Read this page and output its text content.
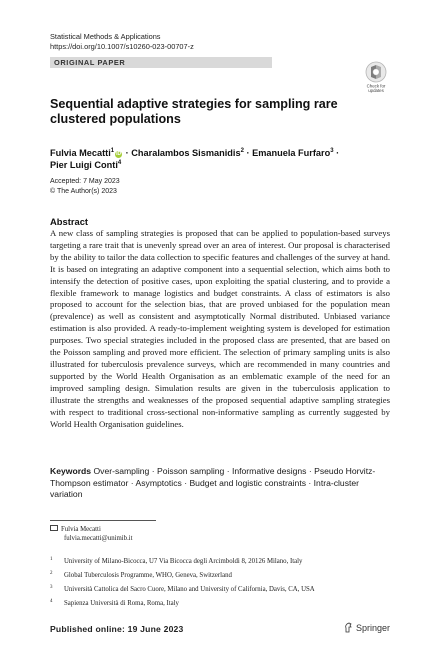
Statistical Methods & Applications
https://doi.org/10.1007/s10260-023-00707-z
ORIGINAL PAPER
Check for
updates
Sequential adaptive strategies for sampling rare clustered populations
Fulvia Mecatti$^1$iD · Charalambos Sismanidis$^2$ · Emanuela Furfaro$^3$ ·
Pier Luigi Conti$^4$
Accepted: 7 May 2023
© The Author(s) 2023
Abstract
A new class of sampling strategies is proposed that can be applied to population-based surveys targeting a rare trait that is unevenly spread over an area of interest. Our proposal is characterised by the ability to tailor the data collection to specific features and challenges of the survey at hand. It is based on integrating an adaptive component into a sequential selection, which aims both to intensify the detection of positive cases, upon exploiting the spatial clustering, and to provide a flexible framework to manage logistics and budget constraints. A class of estimators is also proposed to account for the selection bias, that are proved unbiased for the population mean (prevalence) as well as consistent and asymptotically Normal distributed. Unbiased variance estimation is also provided. A ready-to-implement weighting system is developed for estimation purposes. Two special strategies included in the proposed class are presented, that are based on the Poisson sampling and proved more efficient. The selection of primary sampling units is also illustrated for tuberculosis prevalence surveys, which are recommended in many countries and supported by the World Health Organisation as an emblematic example of the need for an improved sampling design. Simulation results are given in the tuberculosis application to illustrate the strengths and weaknesses of the proposed sequential adaptive sampling strategies with respect to traditional cross-sectional non-informative sampling as currently suggested by World Health Organisation guidelines.
Keywords Over-sampling · Poisson sampling · Informative designs · Pseudo Horvitz-Thompson estimator · Asymptotics · Budget and logistic constraints · Intra-cluster variation
Fulvia Mecatti
fulvia.mecatti@unimib.it
1 University of Milano-Bicocca, U7 Via Bicocca degli Arcimboldi 8, 20126 Milano, Italy
2 Global Tuberculosis Programme, WHO, Geneva, Switzerland
3 Università Cattolica del Sacro Cuore, Milano and University of California, Davis, CA, USA
4 Sapienza Università di Roma, Roma, Italy
Published online: 19 June 2023	Springer
